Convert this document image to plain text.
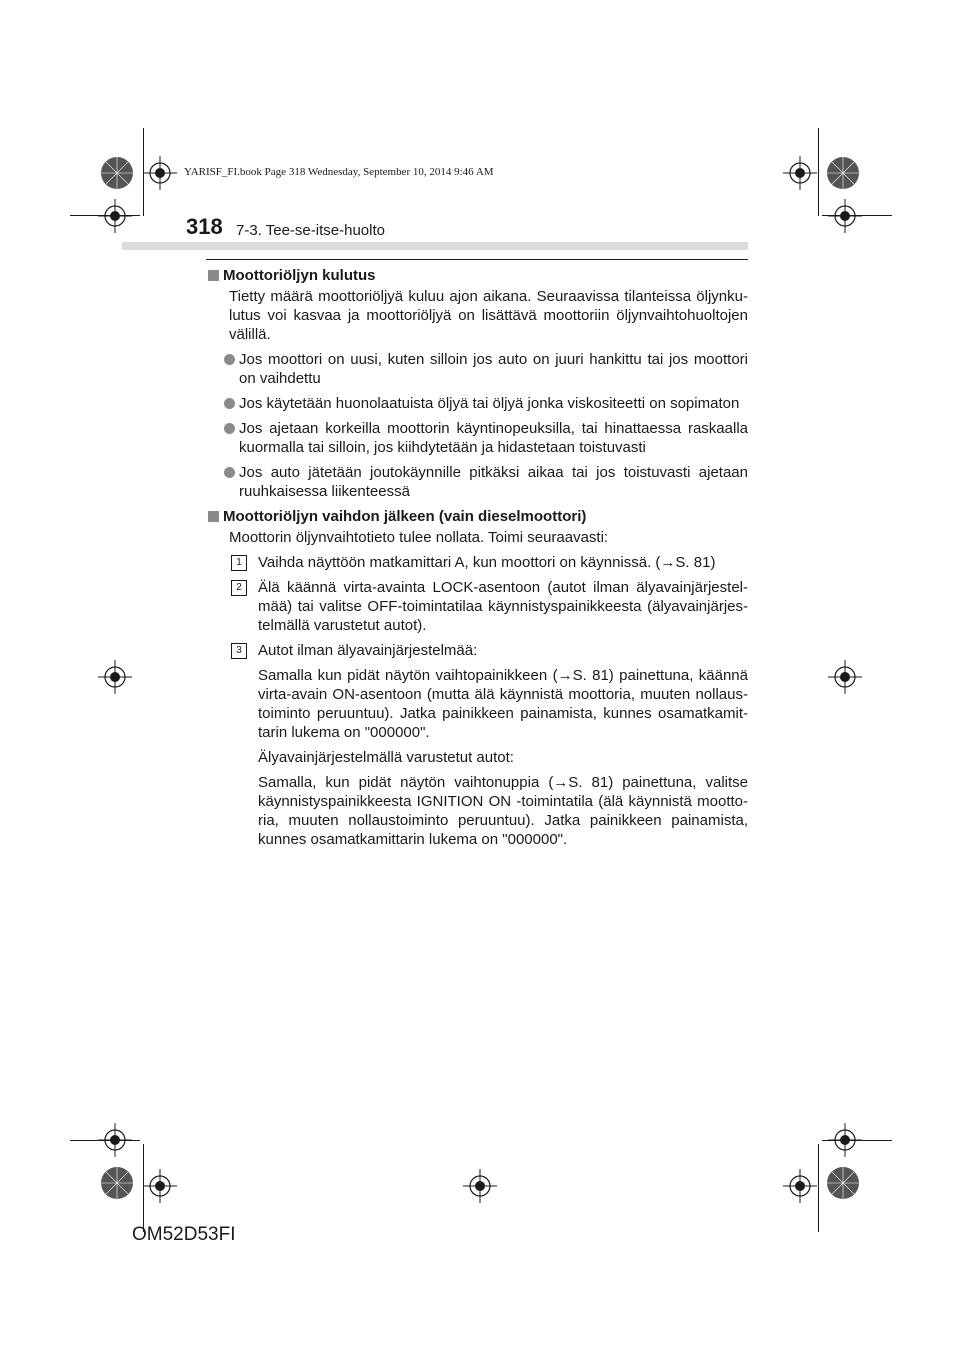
YARISF_FI.book Page 318 Wednesday, September 10, 2014 9:46 AM
318 7-3. Tee-se-itse-huolto

Moottoriöljyn kulutus

Tietty määrä moottoriöljyä kuluu ajon aikana. Seuraavissa tilanteissa öljynkulutus voi kasvaa ja moottoriöljyä on lisättävä moottoriin öljynvaihtohuoltojen välillä.

Jos moottori on uusi, kuten silloin jos auto on juuri hankittu tai jos moottori on vaihdettu

Jos käytetään huonolaatuista öljyä tai öljyä jonka viskositeetti on sopimaton

Jos ajetaan korkeilla moottorin käyntinopeuksilla, tai hinattaessa raskaalla kuormalla tai silloin, jos kiihdytetään ja hidastetaan toistuvasti

Jos auto jätetään joutokäynnille pitkäksi aikaa tai jos toistuvasti ajetaan ruuhkaisessa liikenteessä

Moottoriöljyn vaihdon jälkeen (vain dieselmoottori)

Moottorin öljynvaihtotieto tulee nollata. Toimi seuraavasti:

1	Vaihda näyttöön matkamittari A, kun moottori on käynnissä. (→S. 81)

2	Älä käännä virta-avainta LOCK-asentoon (autot ilman älyavainjärjestelmää) tai valitse OFF-toimintatilaa käynnistyspainikkeesta (älyavainjärjestelmällä varustetut autot).

3	Autot ilman älyavainjärjestelmää:

Samalla kun pidät näytön vaihtopainikkeen (→S. 81) painettuna, käännä virta-avain ON-asentoon (mutta älä käynnistä moottoria, muuten nollaustoiminto peruuntuu). Jatka painikkeen painamista, kunnes osamatkamittarin lukema on "000000".

Älyavainjärjestelmällä varustetut autot:

Samalla, kun pidät näytön vaihtonuppia (→S. 81) painettuna, valitse käynnistyspainikkeesta IGNITION ON -toimintatila (älä käynnistä moottoria, muuten nollaustoiminto peruuntuu). Jatka painikkeen painamista, kunnes osamatkamittarin lukema on "000000".

OM52D53FI
